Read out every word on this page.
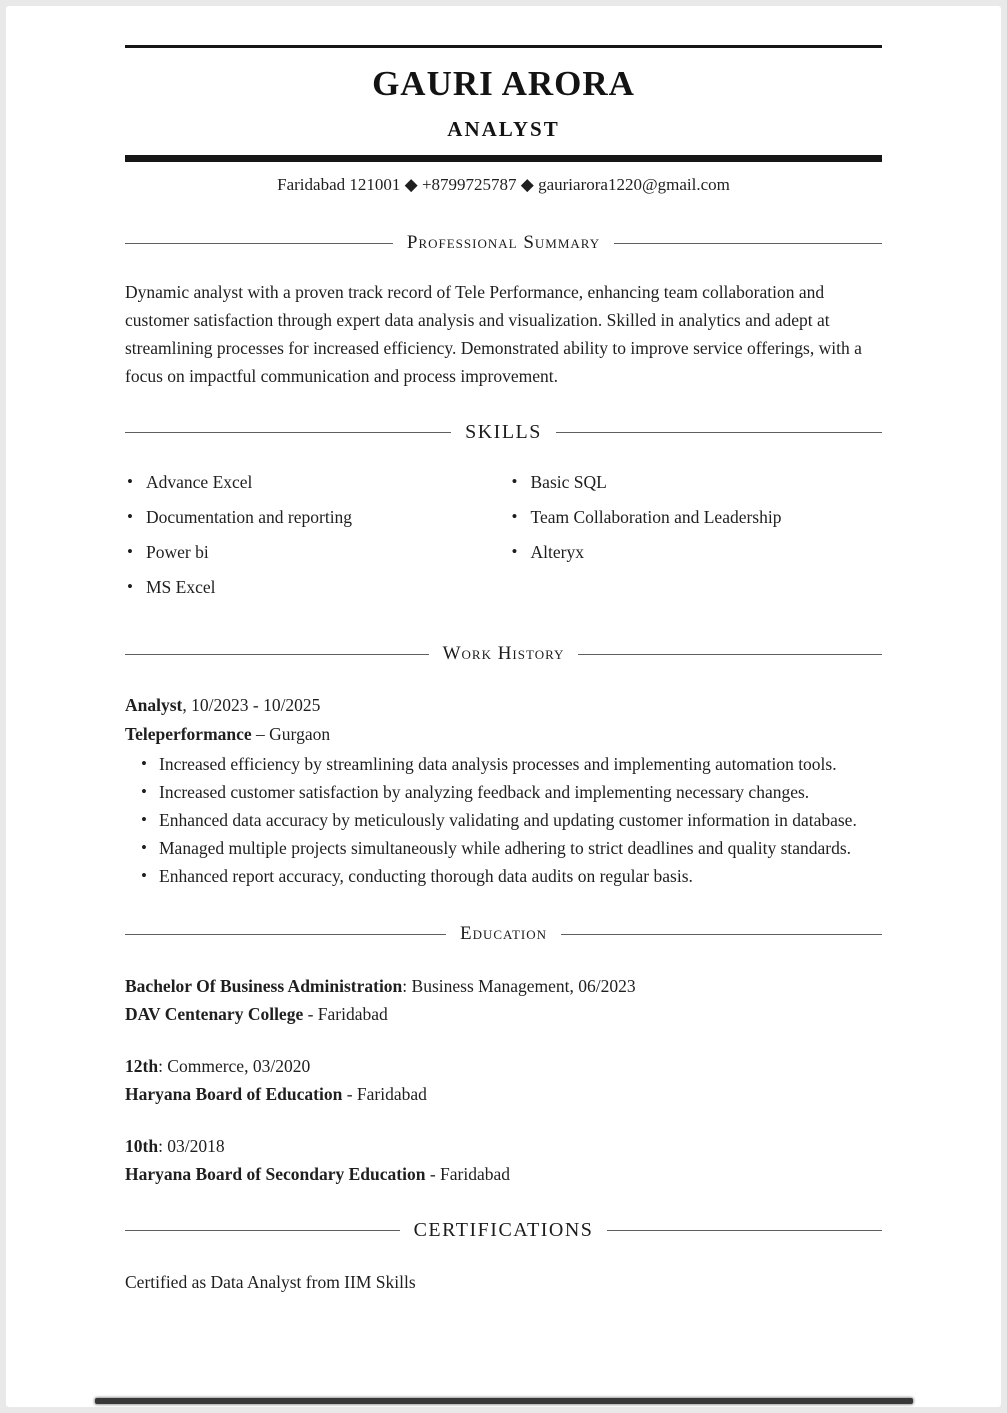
GAURI ARORA
ANALYST
Faridabad 121001 ◆ +8799725787 ◆ gauriarora1220@gmail.com
Professional Summary

Dynamic analyst with a proven track record of Tele Performance, enhancing team collaboration and customer satisfaction through expert data analysis and visualization. Skilled in analytics and adept at streamlining processes for increased efficiency. Demonstrated ability to improve service offerings, with a focus on impactful communication and process improvement.

SKILLS
• Advance Excel
• Documentation and reporting
• Power bi
• MS Excel
• Basic SQL
• Team Collaboration and Leadership
• Alteryx
Work History
Analyst, 10/2023 - 10/2025
Teleperformance – Gurgaon
• Increased efficiency by streamlining data analysis processes and implementing automation tools.
• Increased customer satisfaction by analyzing feedback and implementing necessary changes.
• Enhanced data accuracy by meticulously validating and updating customer information in database.
• Managed multiple projects simultaneously while adhering to strict deadlines and quality standards.
• Enhanced report accuracy, conducting thorough data audits on regular basis.
Education
Bachelor Of Business Administration: Business Management, 06/2023
DAV Centenary College - Faridabad
12th: Commerce, 03/2020
Haryana Board of Education - Faridabad
10th: 03/2018
Haryana Board of Secondary Education - Faridabad
CERTIFICATIONS
Certified as Data Analyst from IIM Skills
